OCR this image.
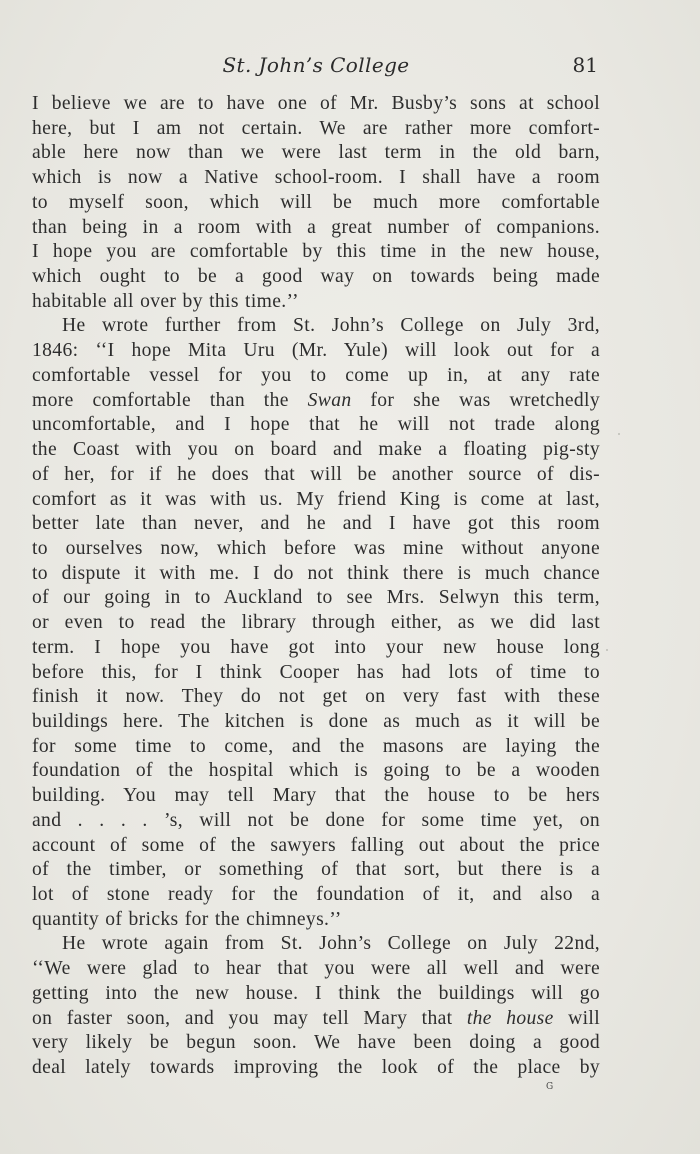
St. John’s College	81

I believe we are to have one of Mr. Busby’s sons at school
here, but I am not certain. We are rather more comfort-
able here now than we were last term in the old barn,
which is now a Native school-room. I shall have a room
to myself soon, which will be much more comfortable
than being in a room with a great number of companions.
I hope you are comfortable by this time in the new house,
which ought to be a good way on towards being made
habitable all over by this time.’’

He wrote further from St. John’s College on July 3rd,
1846: ‘‘I hope Mita Uru (Mr. Yule) will look out for a
comfortable vessel for you to come up in, at any rate
more comfortable than the Swan for she was wretchedly
uncomfortable, and I hope that he will not trade along
the Coast with you on board and make a floating pig-sty
of her, for if he does that will be another source of dis-
comfort as it was with us. My friend King is come at last,
better late than never, and he and I have got this room
to ourselves now, which before was mine without anyone
to dispute it with me. I do not think there is much chance
of our going in to Auckland to see Mrs. Selwyn this term,
or even to read the library through either, as we did last
term. I hope you have got into your new house long
before this, for I think Cooper has had lots of time to
finish it now. They do not get on very fast with these
buildings here. The kitchen is done as much as it will be
for some time to come, and the masons are laying the
foundation of the hospital which is going to be a wooden
building. You may tell Mary that the house to be hers
and . . . . ’s, will not be done for some time yet, on
account of some of the sawyers falling out about the price
of the timber, or something of that sort, but there is a
lot of stone ready for the foundation of it, and also a
quantity of bricks for the chimneys.’’

He wrote again from St. John’s College on July 22nd,
‘‘We were glad to hear that you were all well and were
getting into the new house. I think the buildings will go
on faster soon, and you may tell Mary that the house will
very likely be begun soon. We have been doing a good
deal lately towards improving the look of the place by

G
